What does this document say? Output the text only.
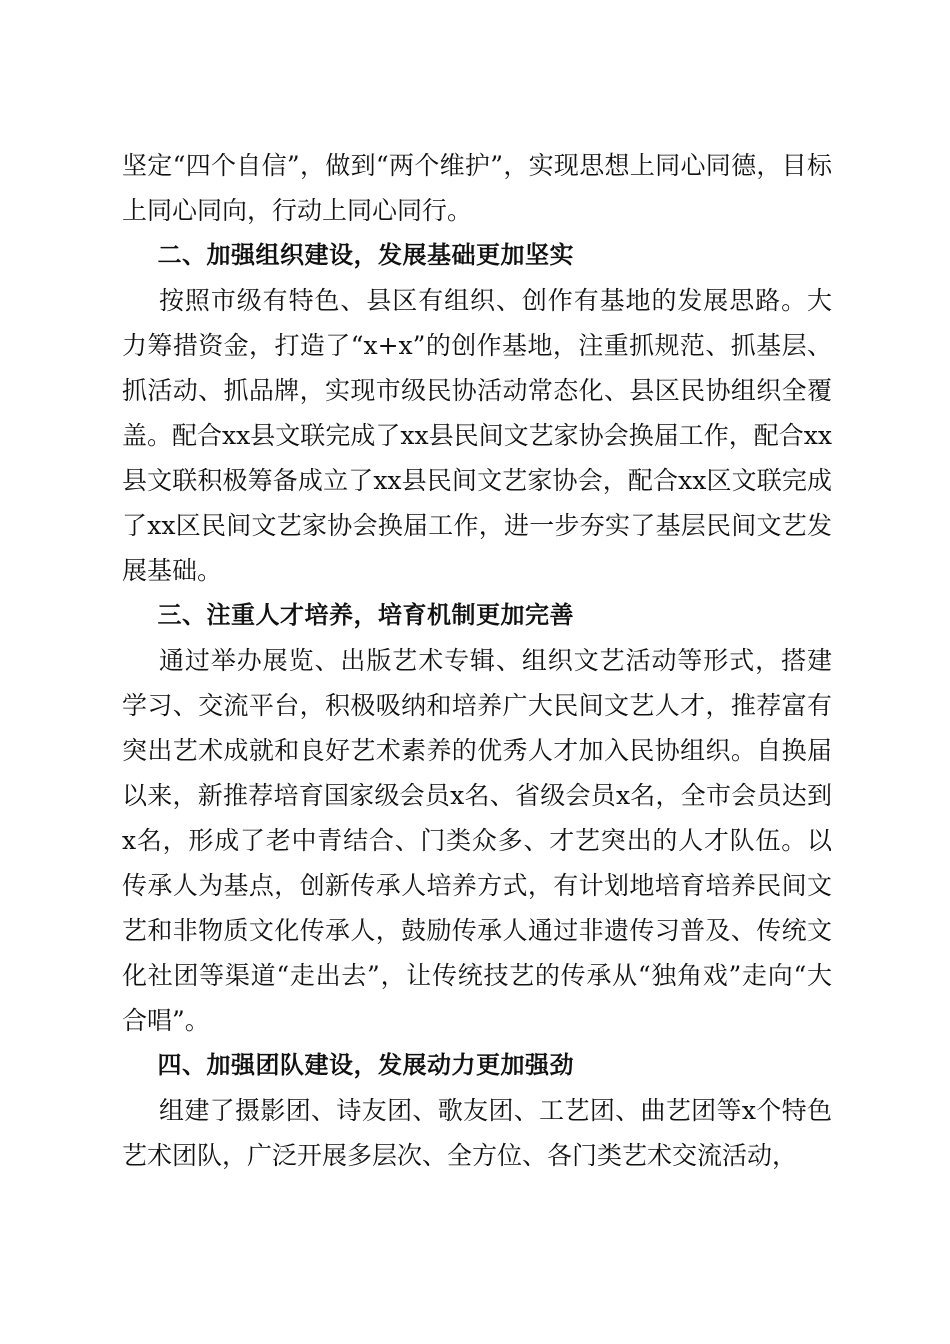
坚定“四个自信”，做到“两个维护”，实现思想上同心同德，目标上同心同向，行动上同心同行。

二、加强组织建设，发展基础更加坚实

按照市级有特色、县区有组织、创作有基地的发展思路。大力筹措资金，打造了“x+x”的创作基地，注重抓规范、抓基层、抓活动、抓品牌，实现市级民协活动常态化、县区民协组织全覆盖。配合xx县文联完成了xx县民间文艺家协会换届工作，配合xx县文联积极筹备成立了xx县民间文艺家协会，配合xx区文联完成了xx区民间文艺家协会换届工作，进一步夯实了基层民间文艺发展基础。

三、注重人才培养，培育机制更加完善

通过举办展览、出版艺术专辑、组织文艺活动等形式，搭建学习、交流平台，积极吸纳和培养广大民间文艺人才，推荐富有突出艺术成就和良好艺术素养的优秀人才加入民协组织。自换届以来，新推荐培育国家级会员x名、省级会员x名，全市会员达到x名，形成了老中青结合、门类众多、才艺突出的人才队伍。以传承人为基点，创新传承人培养方式，有计划地培育培养民间文艺和非物质文化传承人，鼓励传承人通过非遗传习普及、传统文化社团等渠道“走出去”，让传统技艺的传承从“独角戏”走向“大合唱”。

四、加强团队建设，发展动力更加强劲

组建了摄影团、诗友团、歌友团、工艺团、曲艺团等x个特色艺术团队，广泛开展多层次、全方位、各门类艺术交流活动，
